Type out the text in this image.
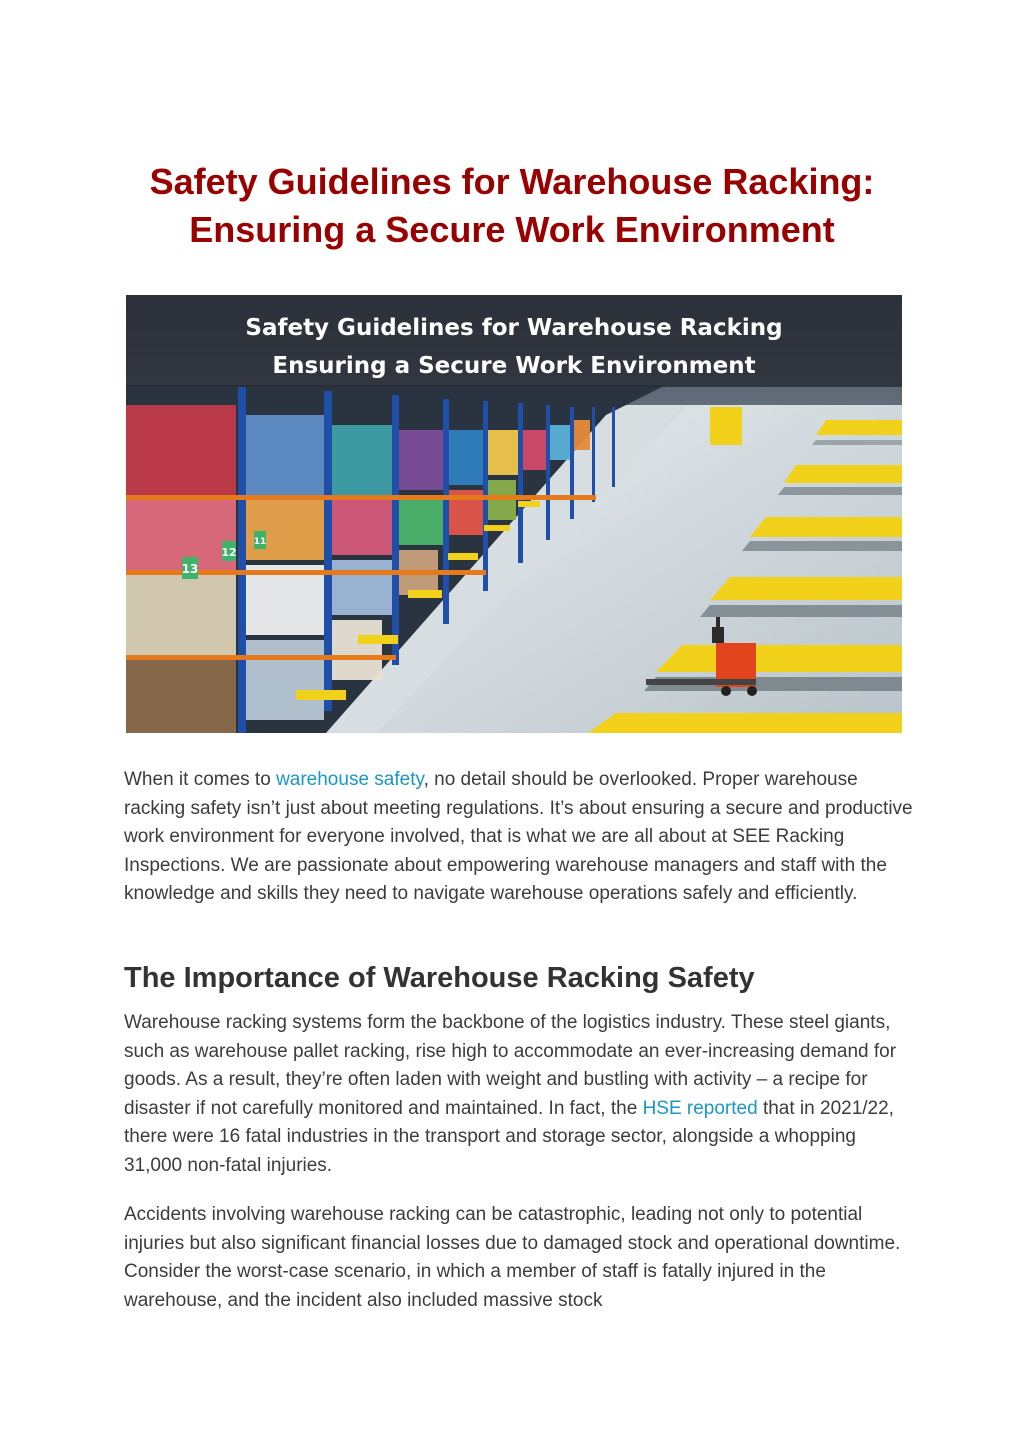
Safety Guidelines for Warehouse Racking:
Ensuring a Secure Work Environment
13
12
11
Safety Guidelines for Warehouse Racking
Ensuring a Secure Work Environment

When it comes to warehouse safety, no detail should be overlooked. Proper warehouse racking safety isn’t just about meeting regulations. It’s about ensuring a secure and productive work environment for everyone involved, that is what we are all about at SEE Racking Inspections. We are passionate about empowering warehouse managers and staff with the knowledge and skills they need to navigate warehouse operations safely and efficiently.

The Importance of Warehouse Racking Safety

Warehouse racking systems form the backbone of the logistics industry. These steel giants, such as warehouse pallet racking, rise high to accommodate an ever-increasing demand for goods. As a result, they’re often laden with weight and bustling with activity – a recipe for disaster if not carefully monitored and maintained. In fact, the HSE reported that in 2021/22, there were 16 fatal industries in the transport and storage sector, alongside a whopping 31,000 non-fatal injuries.

Accidents involving warehouse racking can be catastrophic, leading not only to potential injuries but also significant financial losses due to damaged stock and operational downtime. Consider the worst-case scenario, in which a member of staff is fatally injured in the warehouse, and the incident also included massive stock
